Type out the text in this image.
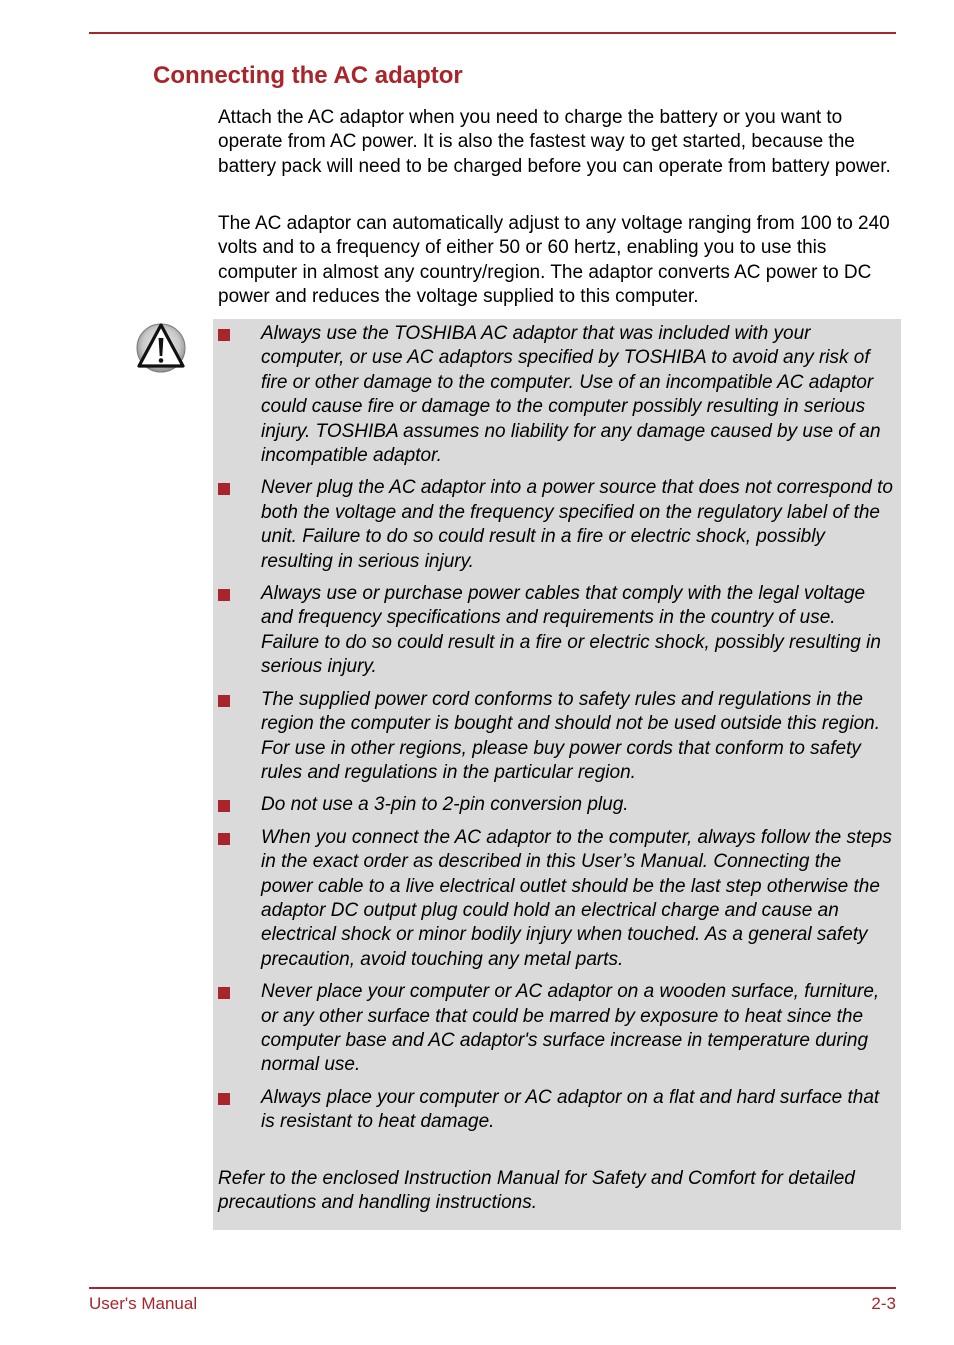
Connecting the AC adaptor

Attach the AC adaptor when you need to charge the battery or you want to operate from AC power. It is also the fastest way to get started, because the battery pack will need to be charged before you can operate from battery power.

The AC adaptor can automatically adjust to any voltage ranging from 100 to 240 volts and to a frequency of either 50 or 60 hertz, enabling you to use this computer in almost any country/region. The adaptor converts AC power to DC power and reduces the voltage supplied to this computer.

Always use the TOSHIBA AC adaptor that was included with your computer, or use AC adaptors specified by TOSHIBA to avoid any risk of fire or other damage to the computer. Use of an incompatible AC adaptor could cause fire or damage to the computer possibly resulting in serious injury. TOSHIBA assumes no liability for any damage caused by use of an incompatible adaptor.
Never plug the AC adaptor into a power source that does not correspond to both the voltage and the frequency specified on the regulatory label of the unit. Failure to do so could result in a fire or electric shock, possibly resulting in serious injury.
Always use or purchase power cables that comply with the legal voltage and frequency specifications and requirements in the country of use. Failure to do so could result in a fire or electric shock, possibly resulting in serious injury.
The supplied power cord conforms to safety rules and regulations in the region the computer is bought and should not be used outside this region. For use in other regions, please buy power cords that conform to safety rules and regulations in the particular region.
Do not use a 3-pin to 2-pin conversion plug.
When you connect the AC adaptor to the computer, always follow the steps in the exact order as described in this User’s Manual. Connecting the power cable to a live electrical outlet should be the last step otherwise the adaptor DC output plug could hold an electrical charge and cause an electrical shock or minor bodily injury when touched. As a general safety precaution, avoid touching any metal parts.
Never place your computer or AC adaptor on a wooden surface, furniture, or any other surface that could be marred by exposure to heat since the computer base and AC adaptor's surface increase in temperature during normal use.
Always place your computer or AC adaptor on a flat and hard surface that is resistant to heat damage.

Refer to the enclosed Instruction Manual for Safety and Comfort for detailed precautions and handling instructions.

User's Manual	2-3
